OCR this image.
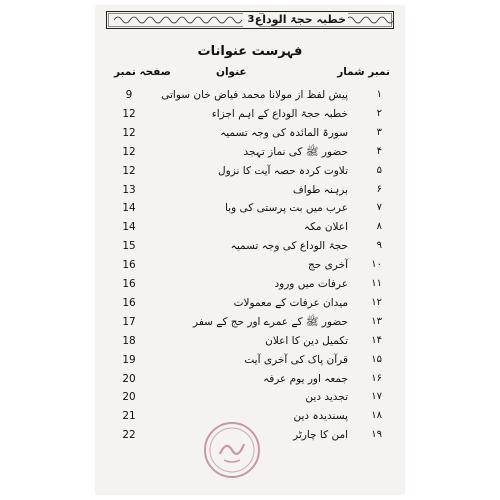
3 خطبہ حجۃ الوداع
فہرست عنوانات
نمبر شمار
عنوان
صفحہ نمبر
۱
پیش لفظ از مولانا محمد فیاض خان سواتی
9
۲
خطبہ حجۃ الوداع کے اہم اجزاء
12
۳
سورۃ المائدہ کی وجہ تسمیہ
12
۴
حضور ﷺ کی نماز تہجد
12
۵
تلاوت کردہ حصہ آیت کا نزول
12
۶
برہنہ طواف
13
۷
عرب میں بت پرستی کی وبا
14
۸
اعلان مکہ
14
۹
حجۃ الوداع کی وجہ تسمیہ
15
۱۰
آخری حج
16
۱۱
عرفات میں ورود
16
۱۲
میدان عرفات کے معمولات
16
۱۳
حضور ﷺ کے عمرے اور حج کے سفر
17
۱۴
تکمیل دین کا اعلان
18
۱۵
قرآن پاک کی آخری آیت
19
۱۶
جمعہ اور یوم عرفہ
20
۱۷
تجدید دین
20
۱۸
پسندیدہ دین
21
۱۹
امن کا چارٹر
22
